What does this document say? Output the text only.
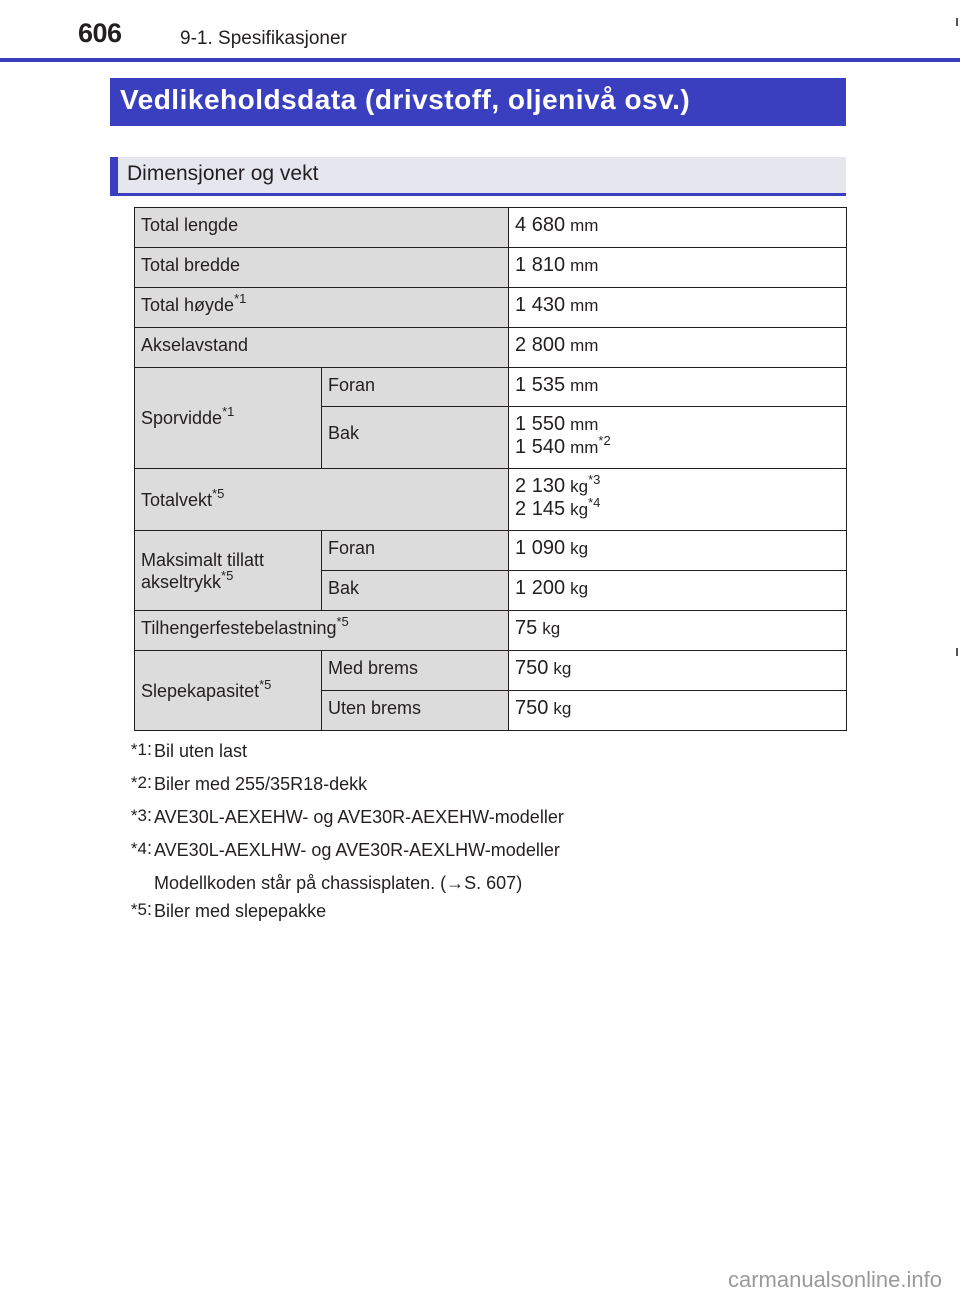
606	9-1. Spesifikasjoner
Vedlikeholdsdata (drivstoff, oljenivå osv.)
Dimensjoner og vekt
Total lengde		4 680 mm
Total bredde		1 810 mm
Total høyde$^{*1}$		1 430 mm
Akselavstand		2 800 mm
Sporvidde$^{*1}$	Foran	1 535 mm
	Bak	1 550 mm
1 540 $mm^{*2}$
Totalvekt$^{*5}$		2 130 $kg^{*3}$
2 145 $kg^{*4}$
Maksimalt tillatt
akseltrykk$^{*5}$	Foran	1 090 kg
	Bak	1 200 kg
Tilhengerfestebelastning$^{*5}$		75 kg
Slepekapasitet$^{*5}$	Med brems	750 kg
	Uten brems	750 kg
*1: Bil uten last
*2: Biler med 255/35R18-dekk
*3: AVE30L-AEXEHW- og AVE30R-AEXEHW-modeller
*4: AVE30L-AEXLHW- og AVE30R-AEXLHW-modeller
Modellkoden står på chassisplaten. (→S. 607)
*5: Biler med slepepakke
carmanualsonline.info
